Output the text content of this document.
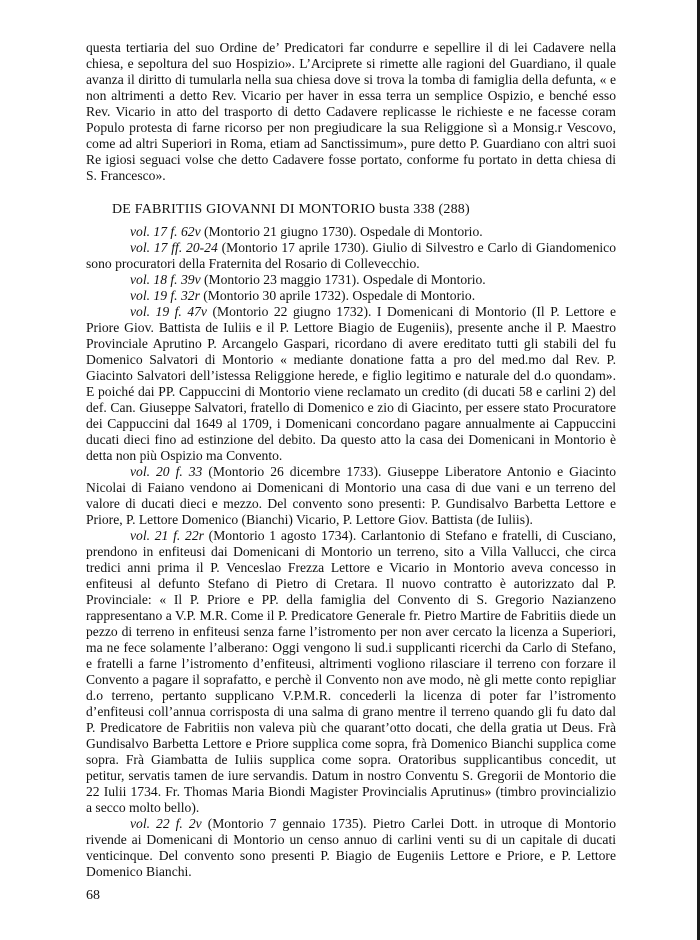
questa tertiaria del suo Ordine de’ Predicatori far condurre e sepellire il di lei Cadavere nella chiesa, e sepoltura del suo Hospizio». L’Arciprete si rimette alle ragioni del Guardiano, il quale avanza il diritto di tumularla nella sua chiesa dove si trova la tomba di famiglia della defunta, « e non altrimenti a detto Rev. Vicario per haver in essa terra un semplice Ospizio, e benché esso Rev. Vicario in atto del trasporto di detto Cadavere replicasse le richieste e ne facesse coram Populo protesta di farne ricorso per non pregiudicare la sua Religgione sì a Monsig.r Vescovo, come ad altri Superiori in Roma, etiam ad Sanctissimum», pure detto P. Guardiano con altri suoi Re igiosi seguaci volse che detto Cadavere fosse portato, conforme fu portato in detta chiesa di S. Francesco».

DE FABRITIIS GIOVANNI DI MONTORIO busta 338 (288)

vol. 17 f. 62v (Montorio 21 giugno 1730). Ospedale di Montorio.

vol. 17 ff. 20-24 (Montorio 17 aprile 1730). Giulio di Silvestro e Carlo di Giandomenico sono procuratori della Fraternita del Rosario di Collevecchio.

vol. 18 f. 39v (Montorio 23 maggio 1731). Ospedale di Montorio.

vol. 19 f. 32r (Montorio 30 aprile 1732). Ospedale di Montorio.

vol. 19 f. 47v (Montorio 22 giugno 1732). I Domenicani di Montorio (Il P. Lettore e Priore Giov. Battista de Iuliis e il P. Lettore Biagio de Eugeniis), presente anche il P. Maestro Provinciale Aprutino P. Arcangelo Gaspari, ricordano di avere ereditato tutti gli stabili del fu Domenico Salvatori di Montorio « mediante donatione fatta a pro del med.mo dal Rev. P. Giacinto Salvatori dell’istessa Religgione herede, e figlio legitimo e naturale del d.o quondam». E poiché dai PP. Cappuccini di Montorio viene reclamato un credito (di ducati 58 e carlini 2) del def. Can. Giuseppe Salvatori, fratello di Domenico e zio di Giacinto, per essere stato Procuratore dei Cappuccini dal 1649 al 1709, i Domenicani concordano pagare annualmente ai Cappuccini ducati dieci fino ad estinzione del debito. Da questo atto la casa dei Domenicani in Montorio è detta non più Ospizio ma Convento.

vol. 20 f. 33 (Montorio 26 dicembre 1733). Giuseppe Liberatore Antonio e Giacinto Nicolai di Faiano vendono ai Domenicani di Montorio una casa di due vani e un terreno del valore di ducati dieci e mezzo. Del convento sono presenti: P. Gundisalvo Barbetta Lettore e Priore, P. Lettore Domenico (Bianchi) Vicario, P. Lettore Giov. Battista (de Iuliis).

vol. 21 f. 22r (Montorio 1 agosto 1734). Carlantonio di Stefano e fratelli, di Cusciano, prendono in enfiteusi dai Domenicani di Montorio un terreno, sito a Villa Vallucci, che circa tredici anni prima il P. Venceslao Frezza Lettore e Vicario in Montorio aveva concesso in enfiteusi al defunto Stefano di Pietro di Cretara. Il nuovo contratto è autorizzato dal P. Provinciale: « Il P. Priore e PP. della famiglia del Convento di S. Gregorio Nazianzeno rappresentano a V.P. M.R. Come il P. Predicatore Generale fr. Pietro Martire de Fabritiis diede un pezzo di terreno in enfiteusi senza farne l’istromento per non aver cercato la licenza a Superiori, ma ne fece solamente l’alberano: Oggi vengono li sud.i supplicanti ricerchi da Carlo di Stefano, e fratelli a farne l’istromento d’enfiteusi, altrimenti vogliono rilasciare il terreno con forzare il Convento a pagare il soprafatto, e perchè il Convento non ave modo, nè gli mette conto repigliar d.o terreno, pertanto supplicano V.P.M.R. concederli la licenza di poter far l’istromento d’enfiteusi coll’annua corrisposta di una salma di grano mentre il terreno quando gli fu dato dal P. Predicatore de Fabritiis non valeva più che quarant’otto docati, che della gratia ut Deus. Frà Gundisalvo Barbetta Lettore e Priore supplica come sopra, frà Domenico Bianchi supplica come sopra. Frà Giambatta de Iuliis supplica come sopra. Oratoribus supplicantibus concedit, ut petitur, servatis tamen de iure servandis. Datum in nostro Conventu S. Gregorii de Montorio die 22 Iulii 1734. Fr. Thomas Maria Biondi Magister Provincialis Aprutinus» (timbro provincializio a secco molto bello).

vol. 22 f. 2v (Montorio 7 gennaio 1735). Pietro Carlei Dott. in utroque di Montorio rivende ai Domenicani di Montorio un censo annuo di carlini venti su di un capitale di ducati venticinque. Del convento sono presenti P. Biagio de Eugeniis Lettore e Priore, e P. Lettore Domenico Bianchi.

68
